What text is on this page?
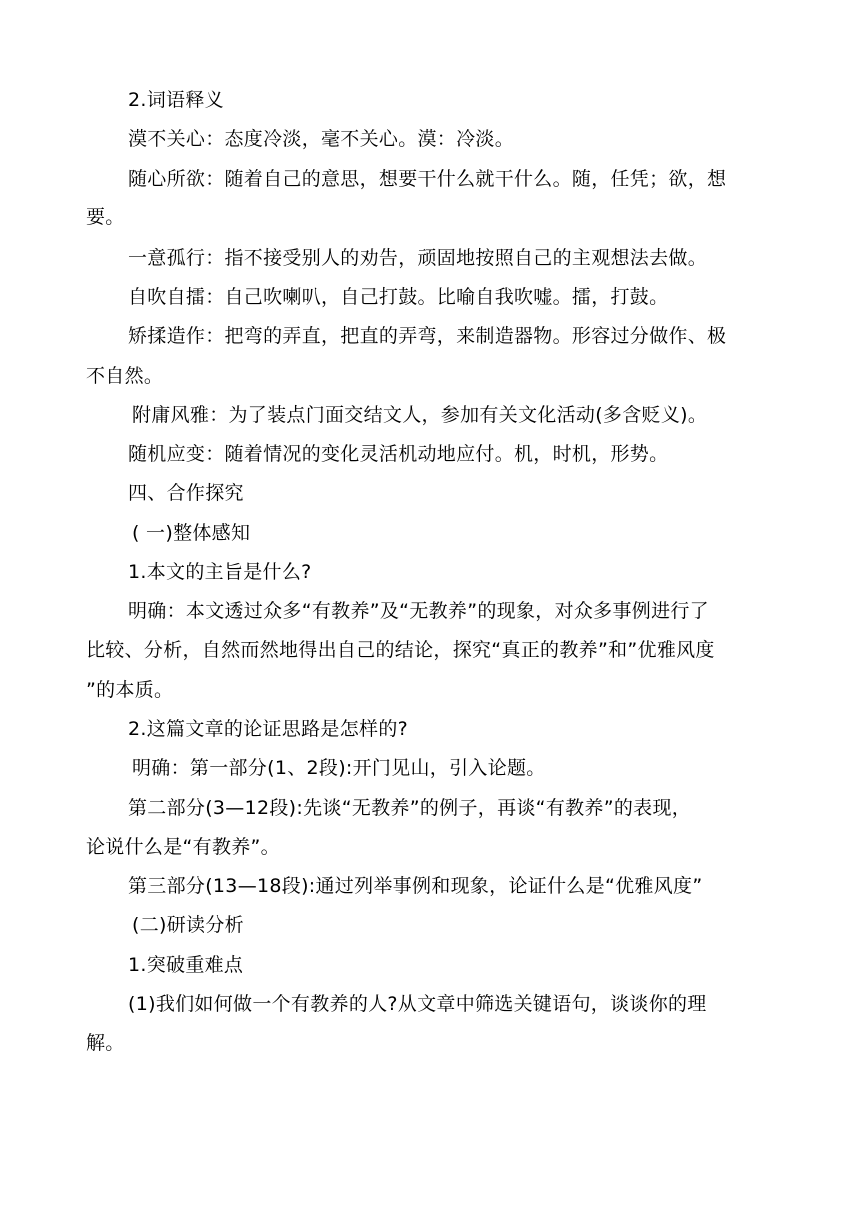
2.词语释义
漠不关心：态度冷淡，毫不关心。漠：冷淡。
随心所欲：随着自己的意思，想要干什么就干什么。随，任凭；欲，想
要。
一意孤行：指不接受别人的劝告，顽固地按照自己的主观想法去做。
自吹自擂：自己吹喇叭，自己打鼓。比喻自我吹嘘。擂，打鼓。
矫揉造作：把弯的弄直，把直的弄弯，来制造器物。形容过分做作、极
不自然。
附庸风雅：为了装点门面交结文人，参加有关文化活动(多含贬义)。
随机应变：随着情况的变化灵活机动地应付。机，时机，形势。
四、合作探究
( 一)整体感知
1.本文的主旨是什么?
明确：本文透过众多“有教养”及“无教养”的现象，对众多事例进行了
比较、分析，自然而然地得出自己的结论，探究“真正的教养”和”优雅风度
”的本质。
2.这篇文章的论证思路是怎样的?
明确：第一部分(1、2段):开门见山，引入论题。
第二部分(3—12段):先谈“无教养”的例子，再谈“有教养”的表现，
论说什么是“有教养”。
第三部分(13—18段):通过列举事例和现象，论证什么是“优雅风度”
(二)研读分析
1.突破重难点
(1)我们如何做一个有教养的人?从文章中筛选关键语句，谈谈你的理
解。
